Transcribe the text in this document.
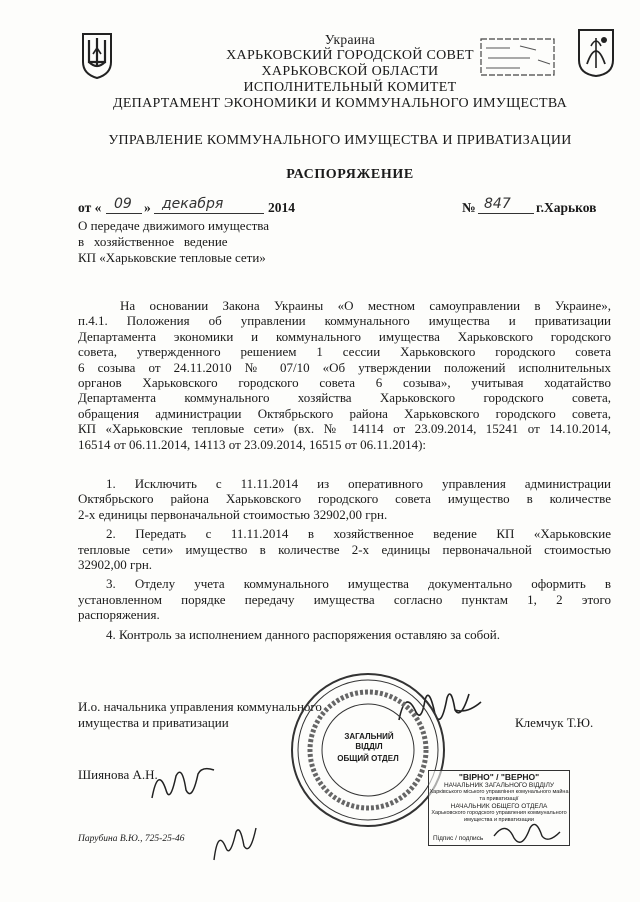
Украина
ХАРЬКОВСКИЙ ГОРОДСКОЙ СОВЕТ
ХАРЬКОВСКОЙ ОБЛАСТИ
ИСПОЛНИТЕЛЬНЫЙ КОМИТЕТ
ДЕПАРТАМЕНТ ЭКОНОМИКИ И КОММУНАЛЬНОГО ИМУЩЕСТВА
УПРАВЛЕНИЕ КОММУНАЛЬНОГО ИМУЩЕСТВА И ПРИВАТИЗАЦИИ
РАСПОРЯЖЕНИЕ
от « 09 » декабря	2014	№ 847 г.Харьков
О передаче движимого имущества
в   хозяйственное   ведение
КП «Харьковские тепловые сети»
На основании Закона Украины «О местном самоуправлении в Украине»,
п.4.1. Положения об управлении коммунального имущества и приватизации
Департамента экономики и коммунального имущества Харьковского городского
совета, утвержденного решением 1 сессии Харьковского городского совета
6 созыва от 24.11.2010 № 07/10 «Об утверждении положений исполнительных
органов Харьковского городского совета 6 созыва», учитывая ходатайство
Департамента коммунального хозяйства Харьковского городского совета,
обращения администрации Октябрьского района Харьковского городского совета,
КП «Харьковские тепловые сети» (вх. № 14114 от 23.09.2014, 15241 от 14.10.2014,
16514 от 06.11.2014, 14113 от 23.09.2014, 16515 от 06.11.2014):
1. Исключить с 11.11.2014 из оперативного управления администрации
Октябрьского района Харьковского городского совета имущество в количестве
2-х единицы первоначальной стоимостью 32902,00 грн.
2. Передать с 11.11.2014 в хозяйственное ведение КП «Харьковские
тепловые сети» имущество в количестве 2-х единицы первоначальной стоимостью
32902,00 грн.
3. Отделу учета коммунального имущества документально оформить в
установленном порядке передачу имущества согласно пунктам 1, 2 этого
распоряжения.
4. Контроль за исполнением данного распоряжения оставляю за собой.
И.о. начальника управления коммунального
имущества и приватизации	Клемчук Т.Ю.
ЗАГАЛЬНИЙ
ВІДДІЛ
ОБЩИЙ ОТДЕЛ
"ВІРНО" / "ВЕРНО"
НАЧАЛЬНИК ЗАГАЛЬНОГО ВІДДІЛУ
Харківського міського управління комунального майна та приватизації
НАЧАЛЬНИК ОБЩЕГО ОТДЕЛА
Харьковского городского управления коммунального имущества и приватизации
Підпис / подпись
Шиянова А.Н.
Парубина В.Ю., 725-25-46
